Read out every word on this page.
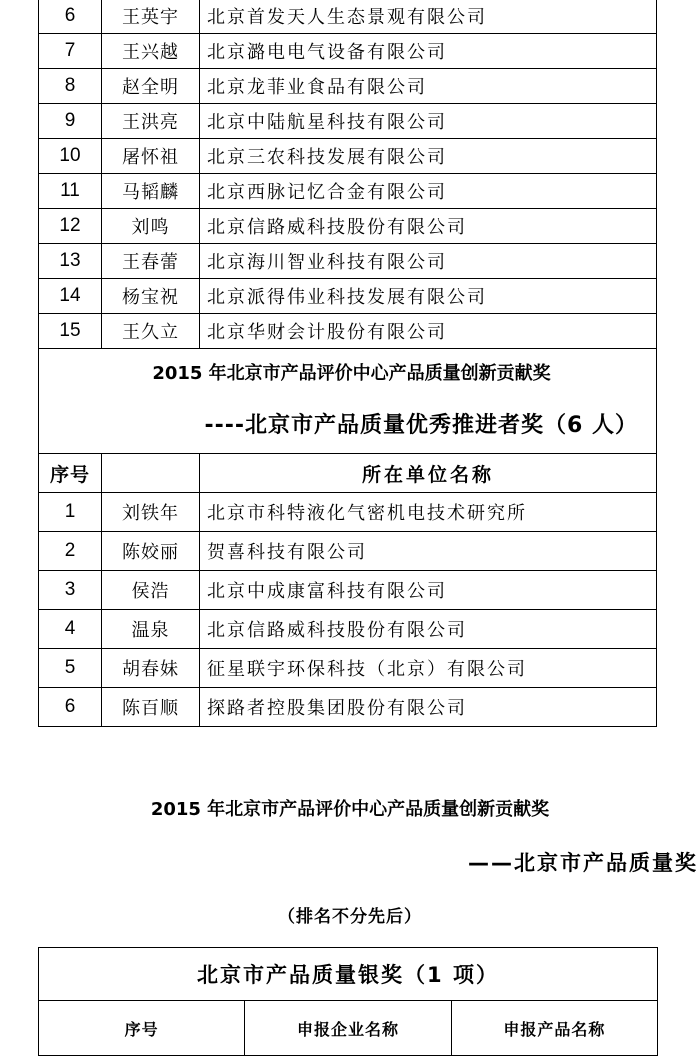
6	王英宇	北京首发天人生态景观有限公司
7	王兴越	北京潞电电气设备有限公司
8	赵全明	北京龙菲业食品有限公司
9	王洪亮	北京中陆航星科技有限公司
10	屠怀祖	北京三农科技发展有限公司
11	马韬麟	北京西脉记忆合金有限公司
12	刘鸣	北京信路威科技股份有限公司
13	王春蕾	北京海川智业科技有限公司
14	杨宝祝	北京派得伟业科技发展有限公司
15	王久立	北京华财会计股份有限公司

2015 年北京市产品评价中心产品质量创新贡献奖
----北京市产品质量优秀推进者奖（6 人）		

序号		所在单位名称
1	刘铁年	北京市科特液化气密机电技术研究所
2	陈姣丽	贺喜科技有限公司
3	侯浩	北京中成康富科技有限公司
4	温泉	北京信路威科技股份有限公司
5	胡春妹	征星联宇环保科技（北京）有限公司
6	陈百顺	探路者控股集团股份有限公司
2015 年北京市产品评价中心产品质量创新贡献奖
——北京市产品质量奖
（排名不分先后）
北京市产品质量银奖（1 项）
序号	申报企业名称	申报产品名称
